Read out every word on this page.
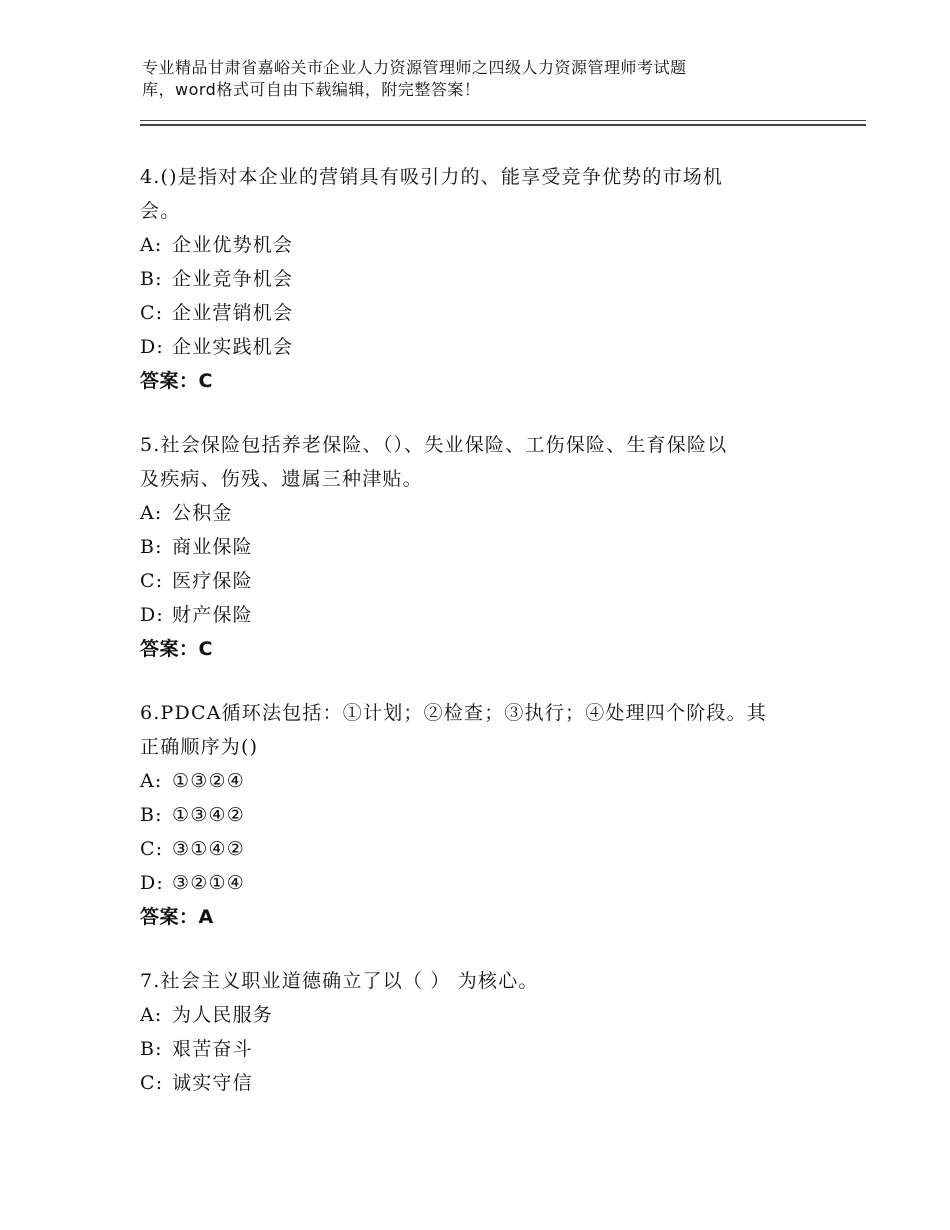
专业精品甘肃省嘉峪关市企业人力资源管理师之四级人力资源管理师考试题
库，word格式可自由下载编辑，附完整答案！
4.()是指对本企业的营销具有吸引力的、能享受竞争优势的市场机
会。
A: 企业优势机会
B: 企业竞争机会
C: 企业营销机会
D: 企业实践机会
答案：C
5.社会保险包括养老保险、（）、失业保险、工伤保险、生育保险以
及疾病、伤残、遗属三种津贴。
A: 公积金
B: 商业保险
C: 医疗保险
D: 财产保险
答案：C
6.PDCA循环法包括：①计划；②检查；③执行；④处理四个阶段。其
正确顺序为()
A: ①③②④
B: ①③④②
C: ③①④②
D: ③②①④
答案：A
7.社会主义职业道德确立了以（ ） 为核心。
A: 为人民服务
B: 艰苦奋斗
C: 诚实守信
